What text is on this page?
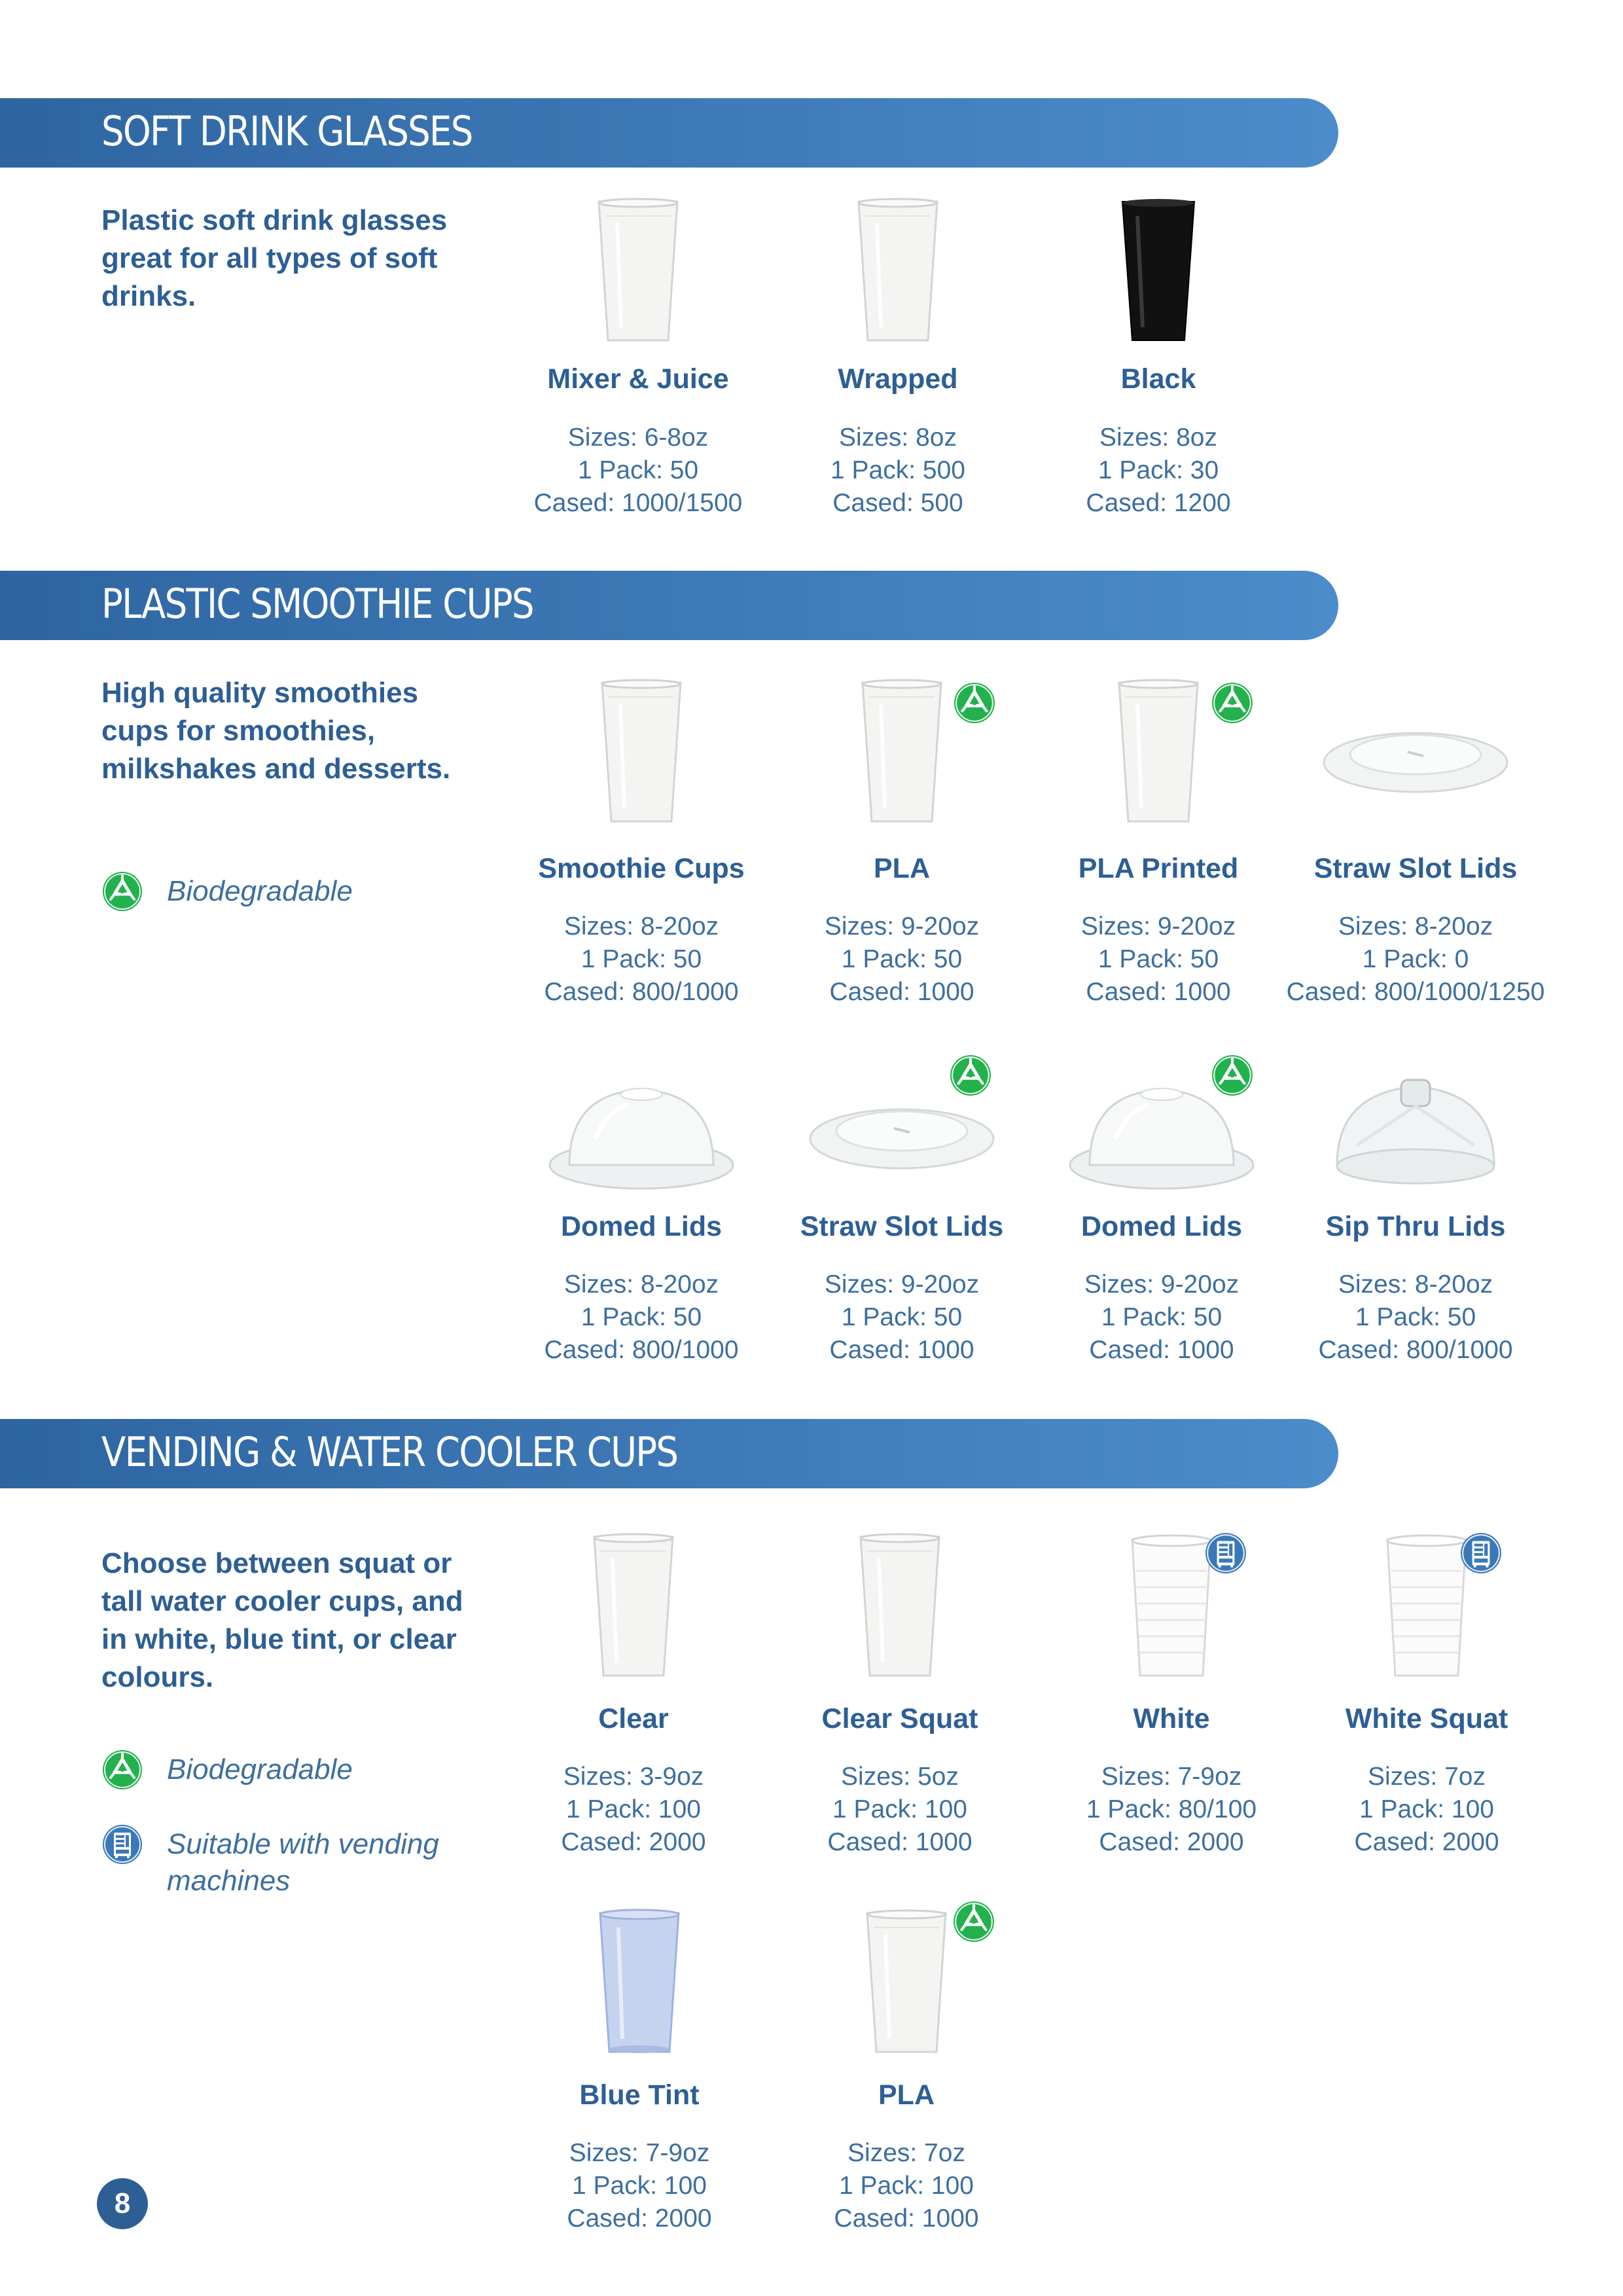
SOFT DRINK GLASSES
Plastic soft drink glasses great for all types of soft drinks.
Mixer & Juice
Sizes: 6-8oz
1 Pack: 50
Cased: 1000/1500
Wrapped
Sizes: 8oz
1 Pack: 500
Cased: 500
Black
Sizes: 8oz
1 Pack: 30
Cased: 1200
PLASTIC SMOOTHIE CUPS
High quality smoothies cups for smoothies, milkshakes and desserts.
Biodegradable
Smoothie Cups
Sizes: 8-20oz
1 Pack: 50
Cased: 800/1000
PLA
Sizes: 9-20oz
1 Pack: 50
Cased: 1000
PLA Printed
Sizes: 9-20oz
1 Pack: 50
Cased: 1000
Straw Slot Lids
Sizes: 8-20oz
1 Pack: 0
Cased: 800/1000/1250
Domed Lids
Sizes: 8-20oz
1 Pack: 50
Cased: 800/1000
Straw Slot Lids
Sizes: 9-20oz
1 Pack: 50
Cased: 1000
Domed Lids
Sizes: 9-20oz
1 Pack: 50
Cased: 1000
Sip Thru Lids
Sizes: 8-20oz
1 Pack: 50
Cased: 800/1000
VENDING & WATER COOLER CUPS
Choose between squat or tall water cooler cups, and in white, blue tint, or clear colours.
Biodegradable
Suitable with vending machines
Clear
Sizes: 3-9oz
1 Pack: 100
Cased: 2000
Clear Squat
Sizes: 5oz
1 Pack: 100
Cased: 1000
White
Sizes: 7-9oz
1 Pack: 80/100
Cased: 2000
White Squat
Sizes: 7oz
1 Pack: 100
Cased: 2000
Blue Tint
Sizes: 7-9oz
1 Pack: 100
Cased: 2000
PLA
Sizes: 7oz
1 Pack: 100
Cased: 1000
8
